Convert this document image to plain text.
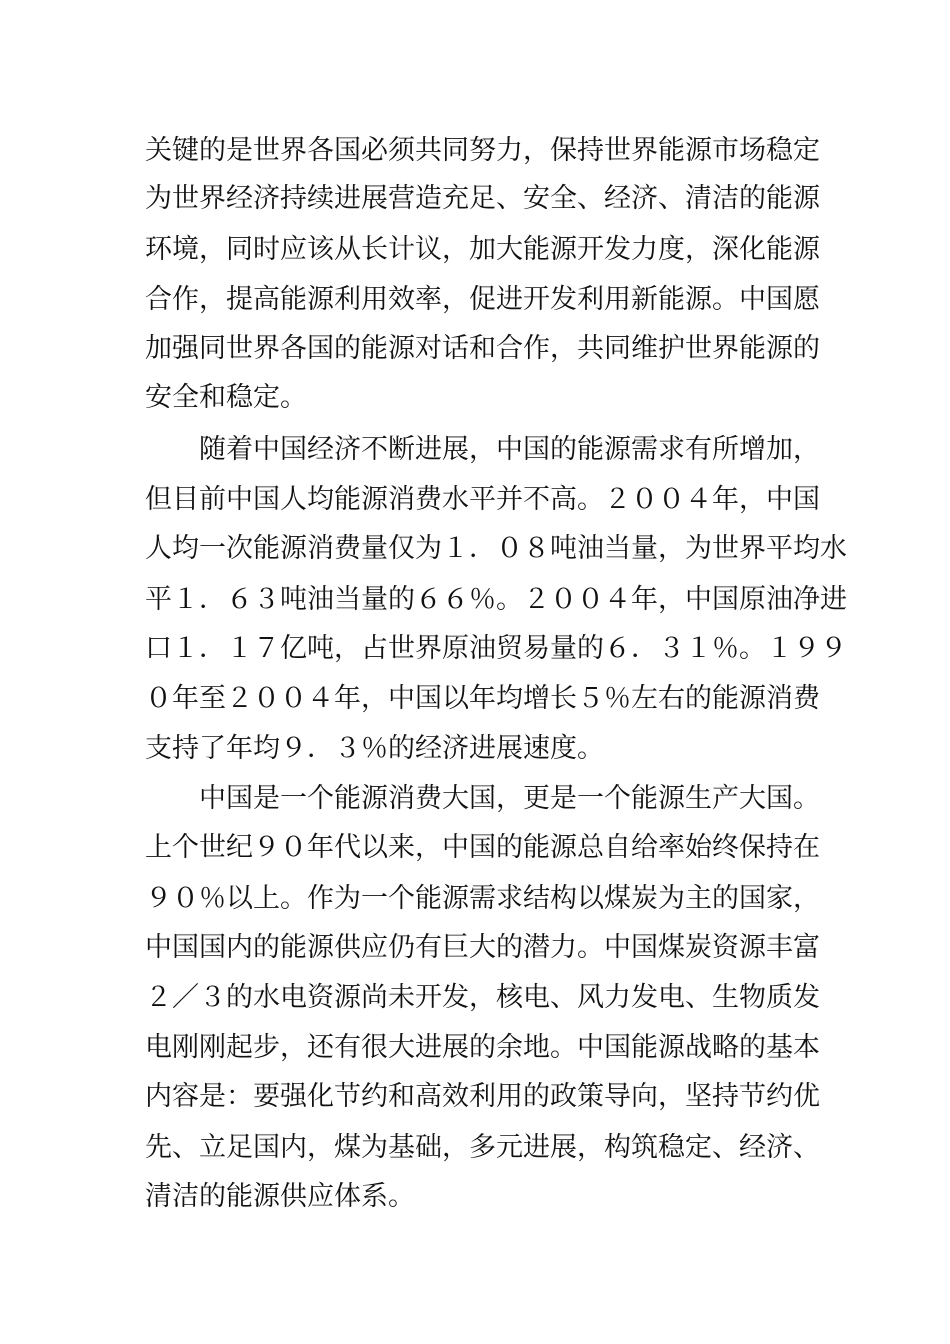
关键的是世界各国必须共同努力，保持世界能源市场稳定
为世界经济持续进展营造充足、安全、经济、清洁的能源
环境，同时应该从长计议，加大能源开发力度，深化能源
合作，提高能源利用效率，促进开发利用新能源。中国愿
加强同世界各国的能源对话和合作，共同维护世界能源的
安全和稳定。
随着中国经济不断进展，中国的能源需求有所增加，
但目前中国人均能源消费水平并不高。２００４年，中国
人均一次能源消费量仅为１．０８吨油当量，为世界平均水
平１．６３吨油当量的６６％。２００４年，中国原油净进
口１．１７亿吨，占世界原油贸易量的６．３１％。１９９
０年至２００４年，中国以年均增长５％左右的能源消费
支持了年均９．３％的经济进展速度。
中国是一个能源消费大国，更是一个能源生产大国。
上个世纪９０年代以来，中国的能源总自给率始终保持在
９０％以上。作为一个能源需求结构以煤炭为主的国家，
中国国内的能源供应仍有巨大的潜力。中国煤炭资源丰富
２／３的水电资源尚未开发，核电、风力发电、生物质发
电刚刚起步，还有很大进展的余地。中国能源战略的基本
内容是：要强化节约和高效利用的政策导向，坚持节约优
先、立足国内，煤为基础，多元进展，构筑稳定、经济、
清洁的能源供应体系。
